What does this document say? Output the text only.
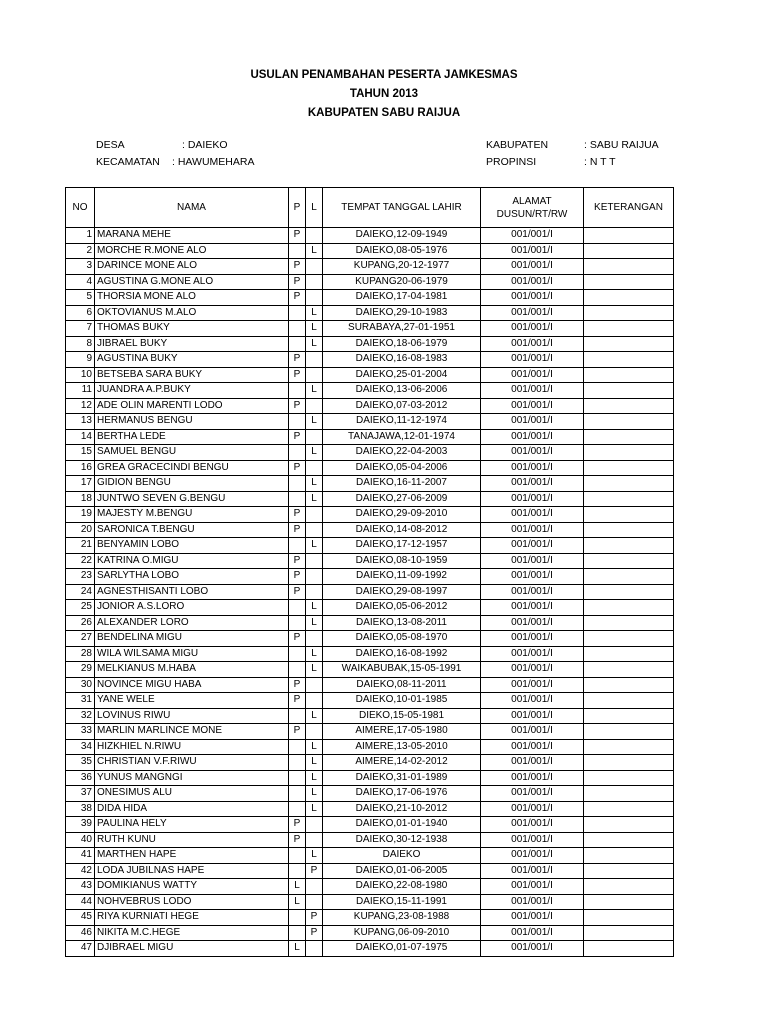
USULAN PENAMBAHAN PESERTA JAMKESMAS
TAHUN 2013
KABUPATEN SABU RAIJUA
DESA	: DAIEKO
KECAMATAN : HAWUMEHARA
KABUPATEN	: SABU RAIJUA
PROPINSI	: N T T
NO	NAMA	P	L	TEMPAT TANGGAL LAHIR	ALAMAT DUSUN/RT/RW	KETERANGAN
1	MARANA MEHE	P		DAIEKO,12-09-1949	001/001/I	
2	MORCHE R.MONE ALO		L	DAIEKO,08-05-1976	001/001/I	
3	DARINCE MONE ALO	P		KUPANG,20-12-1977	001/001/I	
4	AGUSTINA G.MONE ALO	P		KUPANG20-06-1979	001/001/I	
5	THORSIA MONE ALO	P		DAIEKO,17-04-1981	001/001/I	
6	OKTOVIANUS M.ALO		L	DAIEKO,29-10-1983	001/001/I	
7	THOMAS BUKY		L	SURABAYA,27-01-1951	001/001/I	
8	JIBRAEL BUKY		L	DAIEKO,18-06-1979	001/001/I	
9	AGUSTINA BUKY	P		DAIEKO,16-08-1983	001/001/I	
10	BETSEBA SARA BUKY	P		DAIEKO,25-01-2004	001/001/I	
11	JUANDRA A.P.BUKY		L	DAIEKO,13-06-2006	001/001/I	
12	ADE OLIN MARENTI LODO	P		DAIEKO,07-03-2012	001/001/I	
13	HERMANUS BENGU		L	DAIEKO,11-12-1974	001/001/I	
14	BERTHA LEDE	P		TANAJAWA,12-01-1974	001/001/I	
15	SAMUEL BENGU		L	DAIEKO,22-04-2003	001/001/I	
16	GREA GRACECINDI BENGU	P		DAIEKO,05-04-2006	001/001/I	
17	GIDION BENGU		L	DAIEKO,16-11-2007	001/001/I	
18	JUNTWO SEVEN G.BENGU		L	DAIEKO,27-06-2009	001/001/I	
19	MAJESTY M.BENGU	P		DAIEKO,29-09-2010	001/001/I	
20	SARONICA T.BENGU	P		DAIEKO,14-08-2012	001/001/I	
21	BENYAMIN LOBO		L	DAIEKO,17-12-1957	001/001/I	
22	KATRINA O.MIGU	P		DAIEKO,08-10-1959	001/001/I	
23	SARLYTHA LOBO	P		DAIEKO,11-09-1992	001/001/I	
24	AGNESTHISANTI LOBO	P		DAIEKO,29-08-1997	001/001/I	
25	JONIOR A.S.LORO		L	DAIEKO,05-06-2012	001/001/I	
26	ALEXANDER LORO		L	DAIEKO,13-08-2011	001/001/I	
27	BENDELINA MIGU	P		DAIEKO,05-08-1970	001/001/I	
28	WILA WILSAMA MIGU		L	DAIEKO,16-08-1992	001/001/I	
29	MELKIANUS M.HABA		L	WAIKABUBAK,15-05-1991	001/001/I	
30	NOVINCE MIGU HABA	P		DAIEKO,08-11-2011	001/001/I	
31	YANE WELE	P		DAIEKO,10-01-1985	001/001/I	
32	LOVINUS RIWU		L	DIEKO,15-05-1981	001/001/I	
33	MARLIN MARLINCE MONE	P		AIMERE,17-05-1980	001/001/I	
34	HIZKHIEL N.RIWU		L	AIMERE,13-05-2010	001/001/I	
35	CHRISTIAN V.F.RIWU		L	AIMERE,14-02-2012	001/001/I	
36	YUNUS MANGNGI		L	DAIEKO,31-01-1989	001/001/I	
37	ONESIMUS ALU		L	DAIEKO,17-06-1976	001/001/I	
38	DIDA HIDA		L	DAIEKO,21-10-2012	001/001/I	
39	PAULINA HELY	P		DAIEKO,01-01-1940	001/001/I	
40	RUTH KUNU	P		DAIEKO,30-12-1938	001/001/I	
41	MARTHEN HAPE		L	DAIEKO	001/001/I	
42	LODA JUBILNAS HAPE		P	DAIEKO,01-06-2005	001/001/I	
43	DOMIKIANUS WATTY	L		DAIEKO,22-08-1980	001/001/I	
44	NOHVEBRUS LODO	L		DAIEKO,15-11-1991	001/001/I	
45	RIYA KURNIATI HEGE		P	KUPANG,23-08-1988	001/001/I	
46	NIKITA M.C.HEGE		P	KUPANG,06-09-2010	001/001/I	
47	DJIBRAEL MIGU	L		DAIEKO,01-07-1975	001/001/I	
